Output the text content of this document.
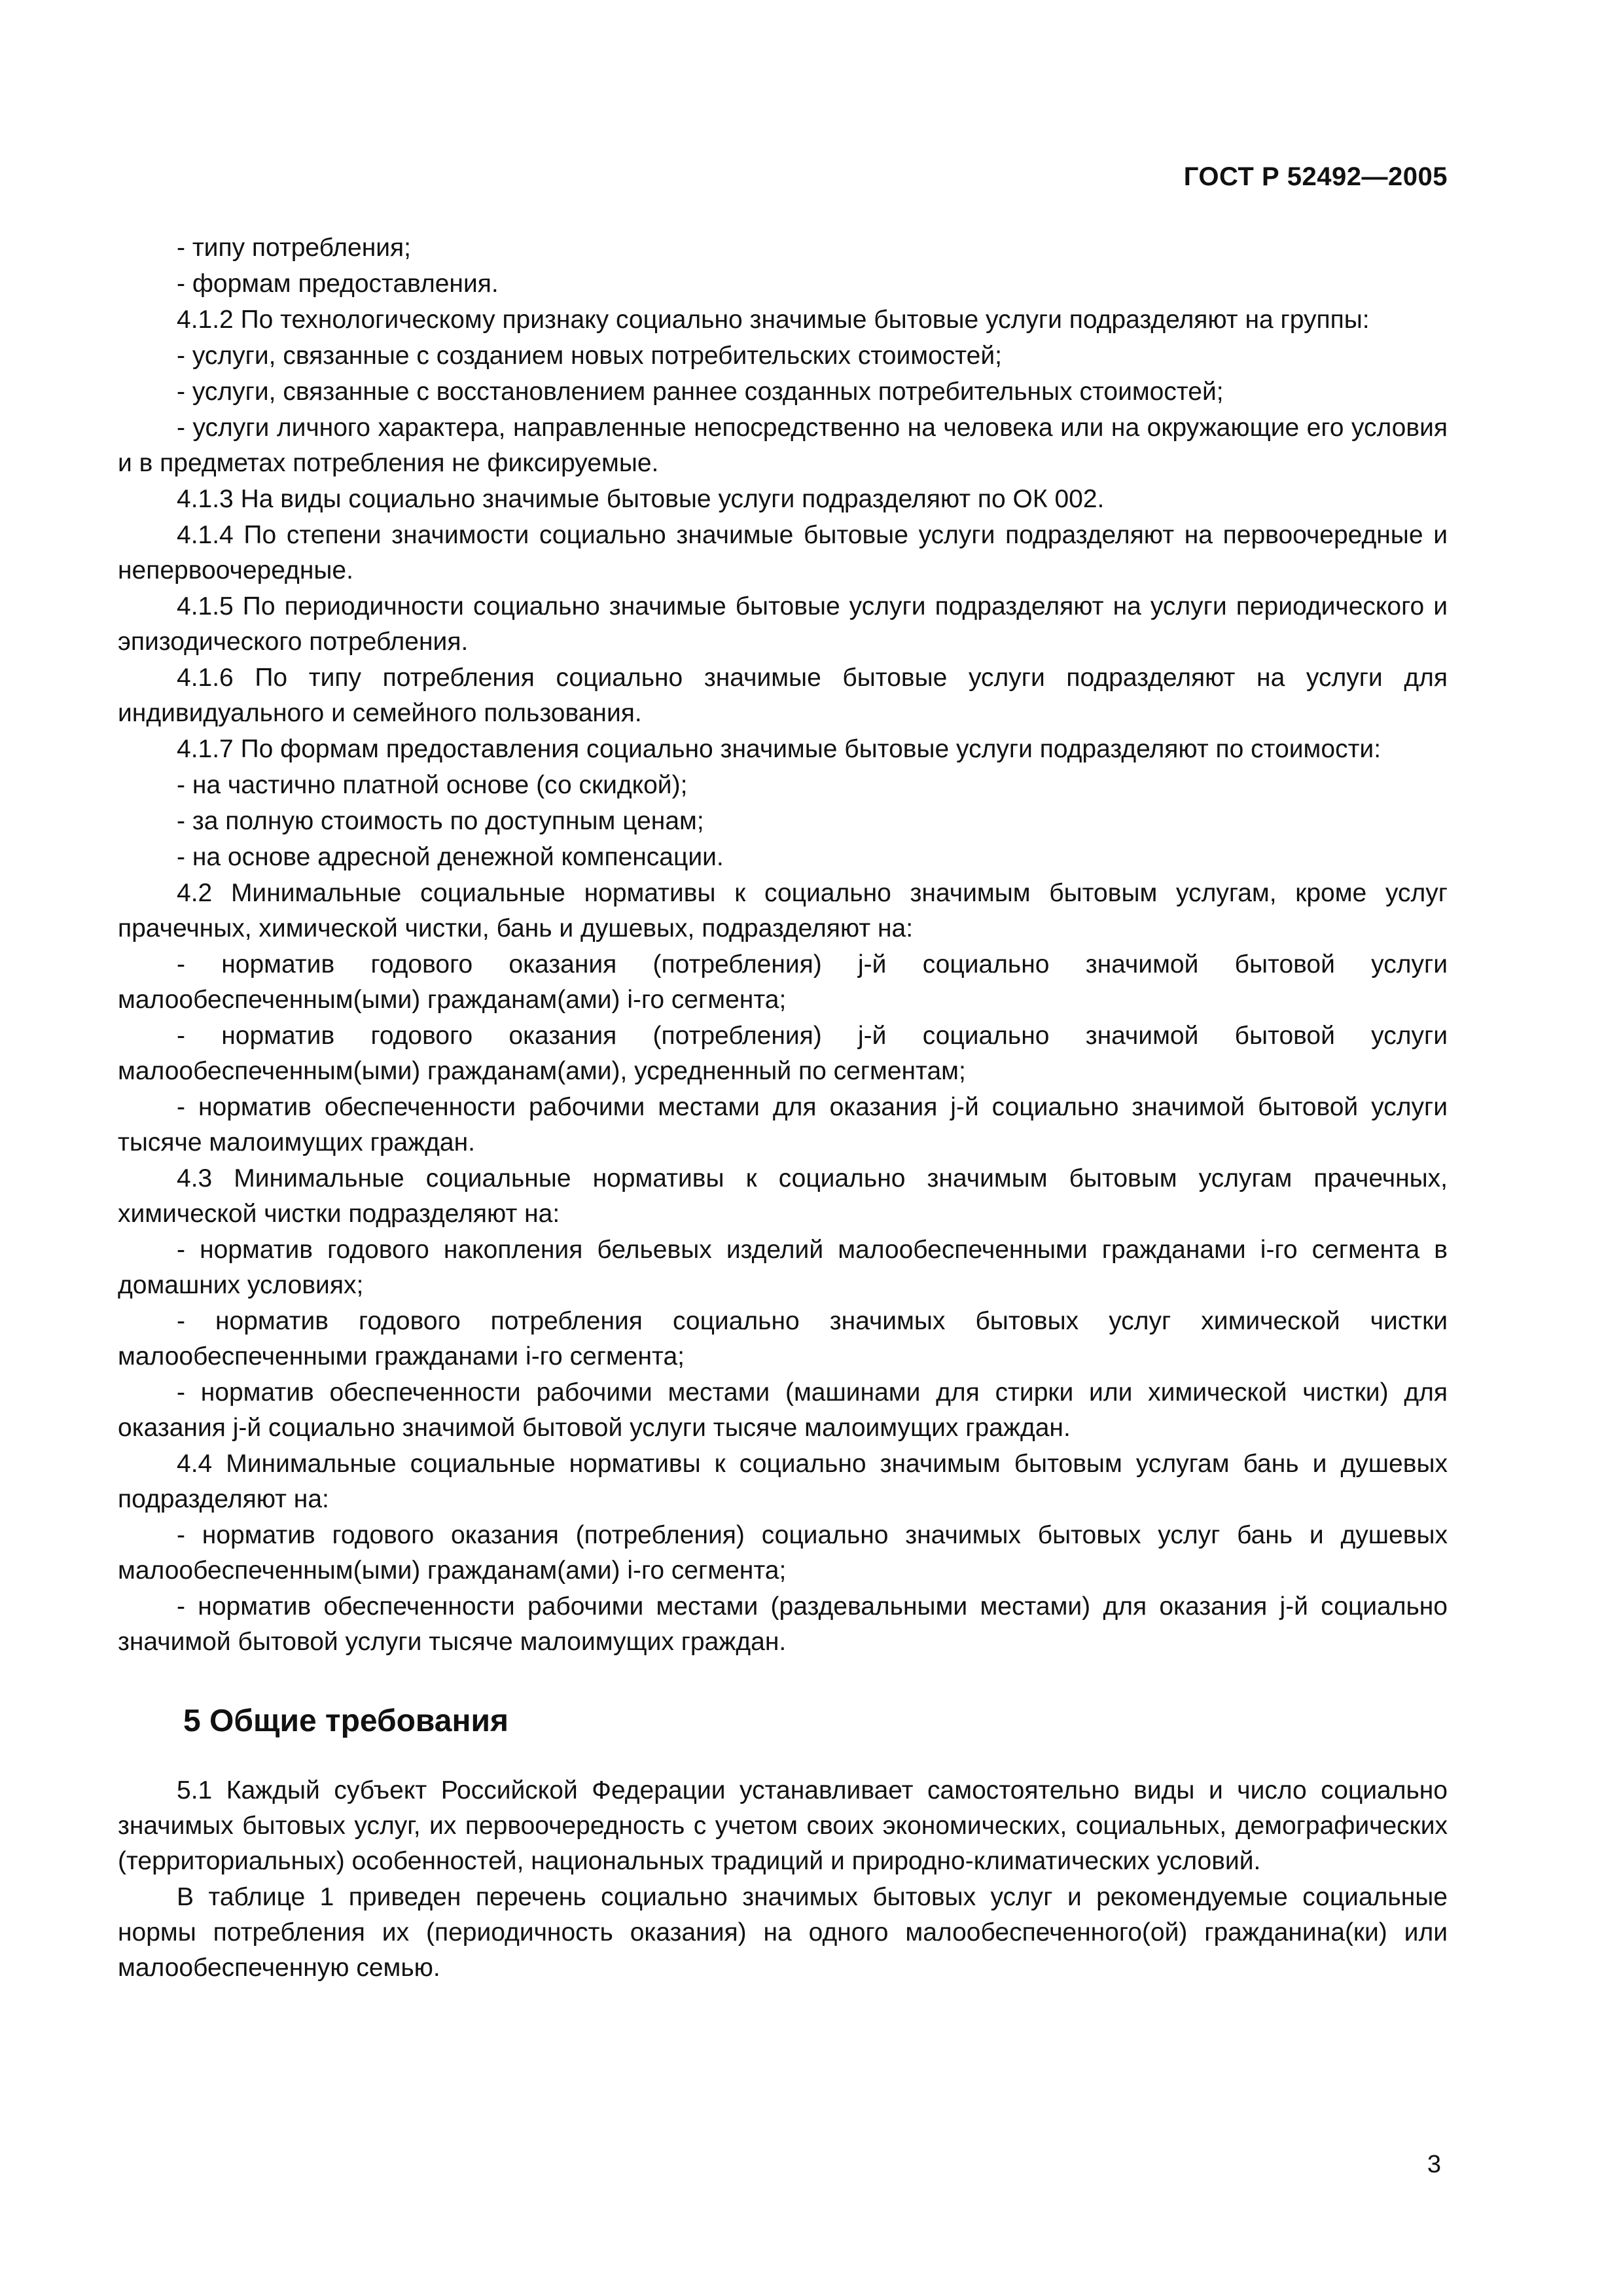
ГОСТ Р 52492—2005

- типу потребления;

- формам предоставления.

4.1.2 По технологическому признаку социально значимые бытовые услуги подразделяют на группы:

- услуги, связанные с созданием новых потребительских стоимостей;

- услуги, связанные с восстановлением раннее созданных потребительных стоимостей;

- услуги личного характера, направленные непосредственно на человека или на окружающие его условия и в предметах потребления не фиксируемые.

4.1.3 На виды социально значимые бытовые услуги подразделяют по ОК 002.

4.1.4 По степени значимости социально значимые бытовые услуги подразделяют на первоочередные и непервоочередные.

4.1.5 По периодичности социально значимые бытовые услуги подразделяют на услуги периодического и эпизодического потребления.

4.1.6 По типу потребления социально значимые бытовые услуги подразделяют на услуги для индивидуального и семейного пользования.

4.1.7 По формам предоставления социально значимые бытовые услуги подразделяют по стоимости:

- на частично платной основе (со скидкой);

- за полную стоимость по доступным ценам;

- на основе адресной денежной компенсации.

4.2 Минимальные социальные нормативы к социально значимым бытовым услугам, кроме услуг прачечных, химической чистки, бань и душевых, подразделяют на:

- норматив годового оказания (потребления) j-й социально значимой бытовой услуги малообеспеченным(ыми) гражданам(ами) i-го сегмента;

- норматив годового оказания (потребления) j-й социально значимой бытовой услуги малообеспеченным(ыми) гражданам(ами), усредненный по сегментам;

- норматив обеспеченности рабочими местами для оказания j-й социально значимой бытовой услуги тысяче малоимущих граждан.

4.3 Минимальные социальные нормативы к социально значимым бытовым услугам прачечных, химической чистки подразделяют на:

- норматив годового накопления бельевых изделий малообеспеченными гражданами i-го сегмента в домашних условиях;

- норматив годового потребления социально значимых бытовых услуг химической чистки малообеспеченными гражданами i-го сегмента;

- норматив обеспеченности рабочими местами (машинами для стирки или химической чистки) для оказания j-й социально значимой бытовой услуги тысяче малоимущих граждан.

4.4 Минимальные социальные нормативы к социально значимым бытовым услугам бань и душевых подразделяют на:

- норматив годового оказания (потребления) социально значимых бытовых услуг бань и душевых малообеспеченным(ыми) гражданам(ами) i-го сегмента;

- норматив обеспеченности рабочими местами (раздевальными местами) для оказания j-й социально значимой бытовой услуги тысяче малоимущих граждан.

5 Общие требования

5.1 Каждый субъект Российской Федерации устанавливает самостоятельно виды и число социально значимых бытовых услуг, их первоочередность с учетом своих экономических, социальных, демографических (территориальных) особенностей, национальных традиций и природно-климатических условий.

В таблице 1 приведен перечень социально значимых бытовых услуг и рекомендуемые социальные нормы потребления их (периодичность оказания) на одного малообеспеченного(ой) гражданина(ки) или малообеспеченную семью.

3
